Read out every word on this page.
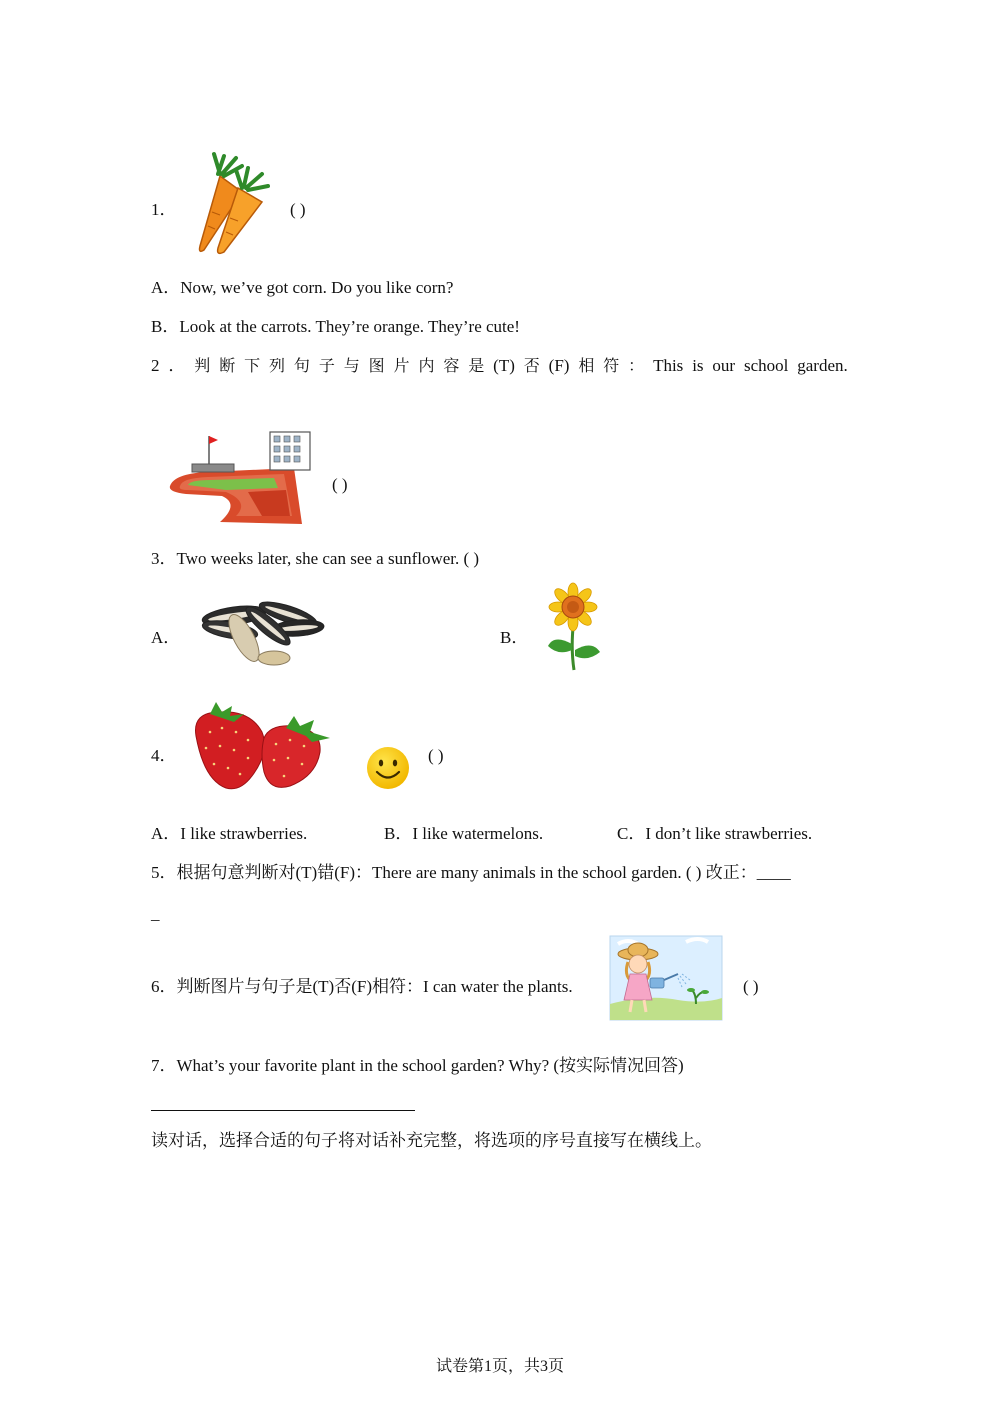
1．	( )
A．Now, we’ve got corn. Do you like corn?
B．Look at the carrots. They’re orange. They’re cute!
2 ． 判 断 下 列 句 子 与 图 片 内 容 是 (T) 否 (F) 相 符 ： This is our school garden.
( )
3．Two weeks later, she can see a sunflower. ( )
A．	B．
4．	( )
A．I like strawberries.	B．I like watermelons.	C．I don’t like strawberries.
5．根据句意判断对(T)错(F)：There are many animals in the school garden. ( ) 改正：____
_
6．判断图片与句子是(T)否(F)相符：I can water the plants.	( )
7．What’s your favorite plant in the school garden? Why? (按实际情况回答)
读对话，选择合适的句子将对话补充完整，将选项的序号直接写在横线上。
试卷第1页，共3页
